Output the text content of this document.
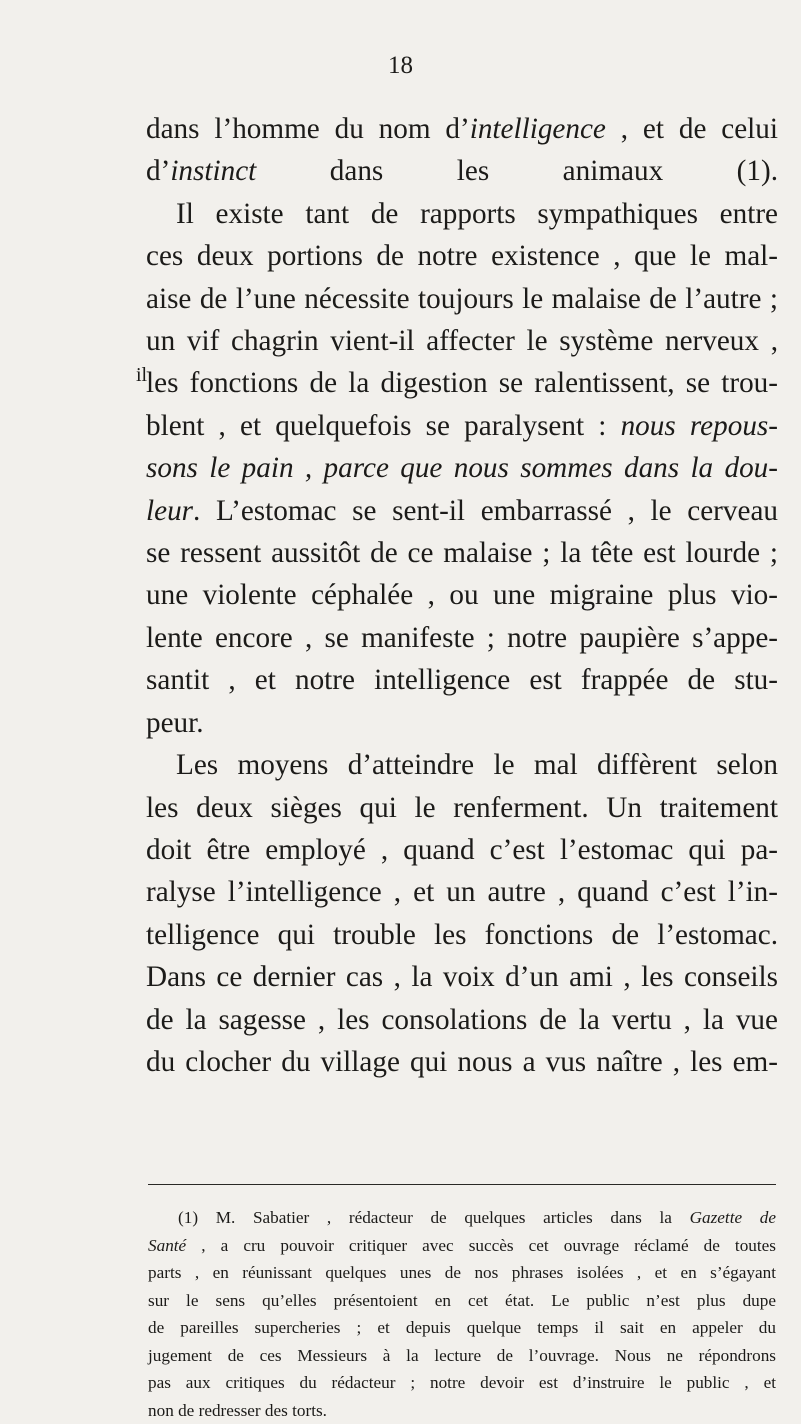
18
il
dans l’homme du nom d’intelligence , et de celui
d’instinct dans les animaux (1).
Il existe tant de rapports sympathiques entre
ces deux portions de notre existence , que le mal-
aise de l’une nécessite toujours le malaise de l’autre ;
un vif chagrin vient-il affecter le système nerveux ,
les fonctions de la digestion se ralentissent, se trou-
blent , et quelquefois se paralysent : nous repous-
sons le pain , parce que nous sommes dans la dou-
leur. L’estomac se sent-il embarrassé , le cerveau
se ressent aussitôt de ce malaise ; la tête est lourde ;
une violente céphalée , ou une migraine plus vio-
lente encore , se manifeste ; notre paupière s’appe-
santit , et notre intelligence est frappée de stu-
peur.
Les moyens d’atteindre le mal diffèrent selon
les deux sièges qui le renferment. Un traitement
doit être employé , quand c’est l’estomac qui pa-
ralyse l’intelligence , et un autre , quand c’est l’in-
telligence qui trouble les fonctions de l’estomac.
Dans ce dernier cas , la voix d’un ami , les conseils
de la sagesse , les consolations de la vertu , la vue
du clocher du village qui nous a vus naître , les em-
(1) M. Sabatier , rédacteur de quelques articles dans la Gazette de
Santé , a cru pouvoir critiquer avec succès cet ouvrage réclamé de toutes
parts , en réunissant quelques unes de nos phrases isolées , et en s’égayant
sur le sens qu’elles présentoient en cet état. Le public n’est plus dupe
de pareilles supercheries ; et depuis quelque temps il sait en appeler du
jugement de ces Messieurs à la lecture de l’ouvrage. Nous ne répondrons
pas aux critiques du rédacteur ; notre devoir est d’instruire le public , et
non de redresser des torts.
